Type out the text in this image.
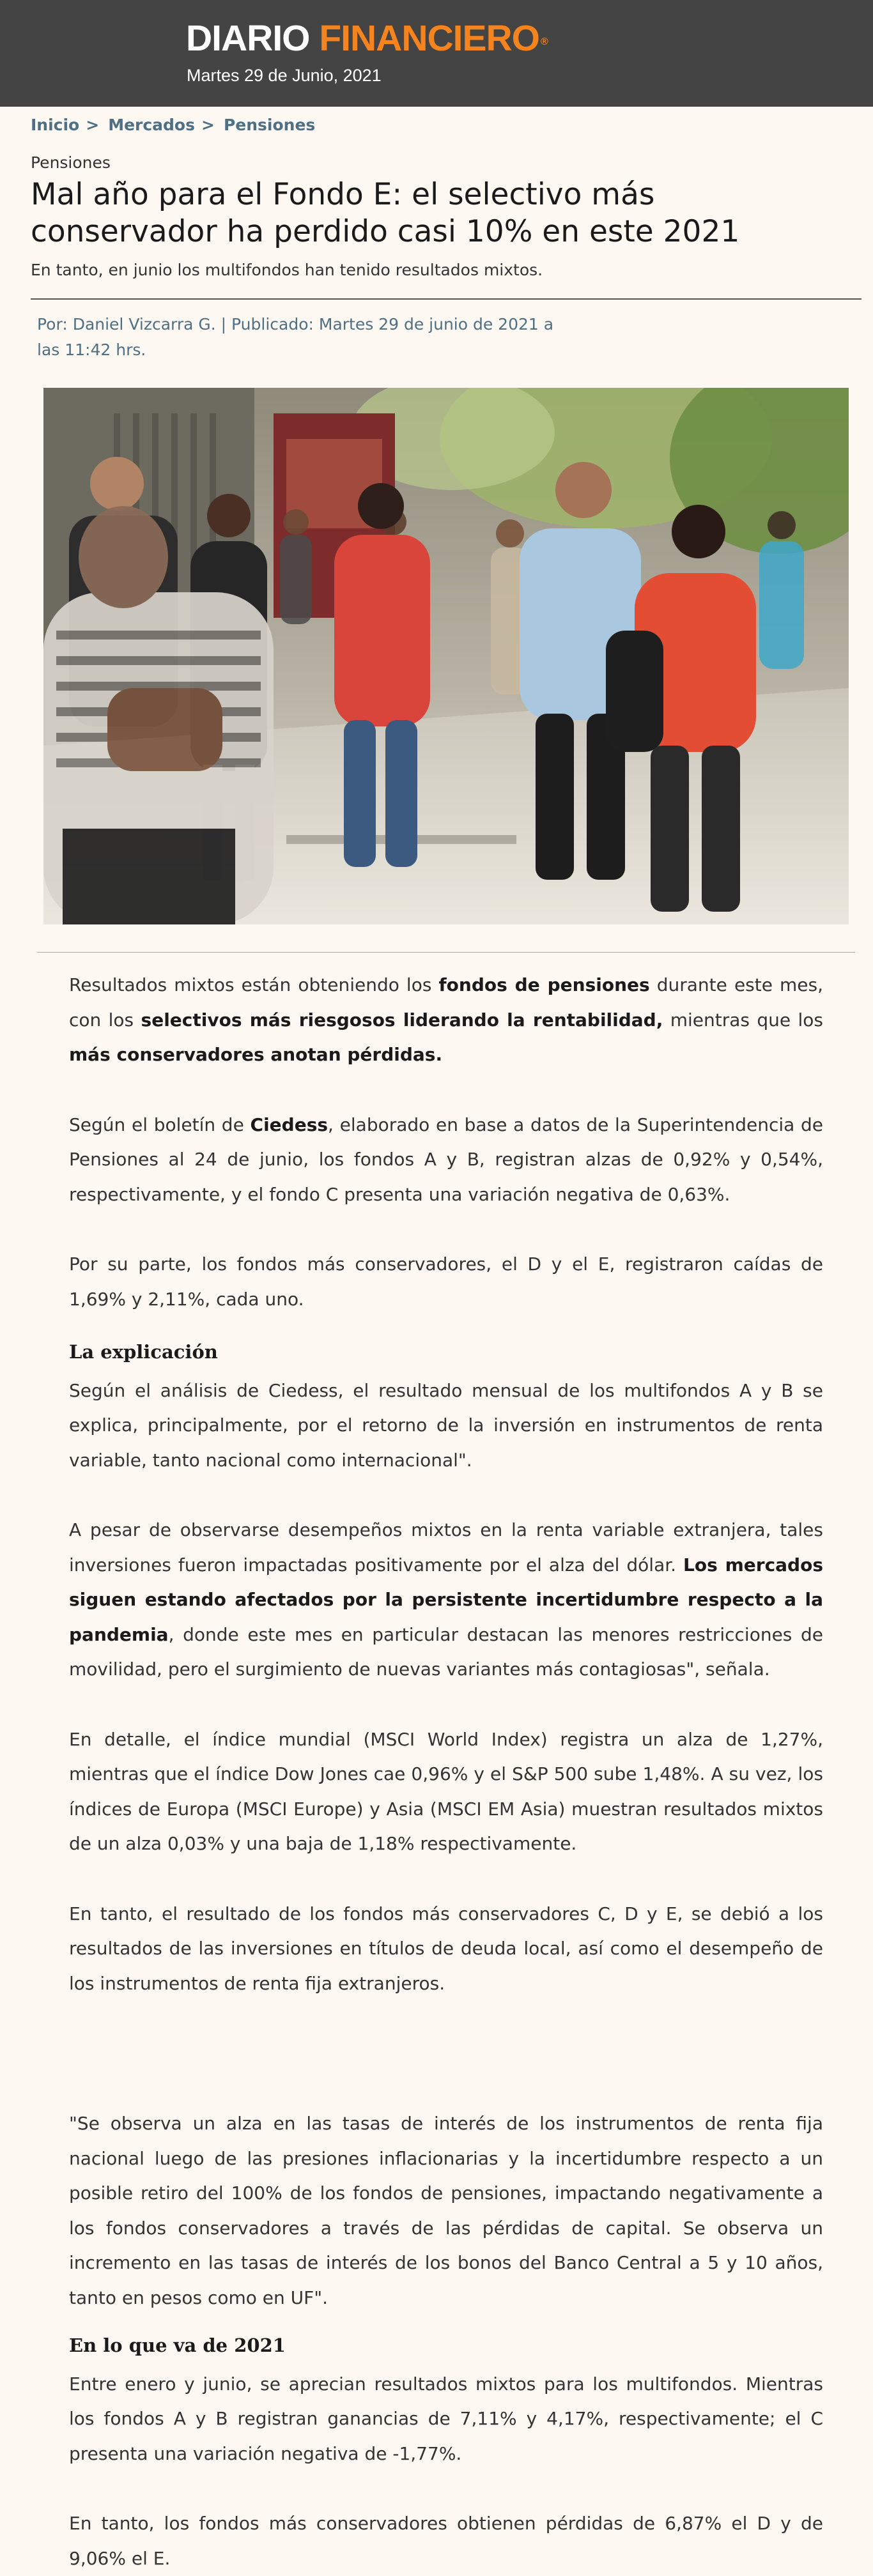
DIARIO FINANCIERO ®
Martes 29 de Junio, 2021
Inicio > Mercados > Pensiones
Pensiones
Mal año para el Fondo E: el selectivo más conservador ha perdido casi 10% en este 2021
En tanto, en junio los multifondos han tenido resultados mixtos.
Por: Daniel Vizcarra G. | Publicado: Martes 29 de junio de 2021 a las 11:42 hrs.

Resultados mixtos están obteniendo los fondos de pensiones durante este mes, con los selectivos más riesgosos liderando la rentabilidad, mientras que los más conservadores anotan pérdidas.

Según el boletín de Ciedess, elaborado en base a datos de la Superintendencia de Pensiones al 24 de junio, los fondos A y B, registran alzas de 0,92% y 0,54%, respectivamente, y el fondo C presenta una variación negativa de 0,63%.

Por su parte, los fondos más conservadores, el D y el E, registraron caídas de 1,69% y 2,11%, cada uno.

La explicación

Según el análisis de Ciedess, el resultado mensual de los multifondos A y B se explica, principalmente, por el retorno de la inversión en instrumentos de renta variable, tanto nacional como internacional".

A pesar de observarse desempeños mixtos en la renta variable extranjera, tales inversiones fueron impactadas positivamente por el alza del dólar. Los mercados siguen estando afectados por la persistente incertidumbre respecto a la pandemia, donde este mes en particular destacan las menores restricciones de movilidad, pero el surgimiento de nuevas variantes más contagiosas", señala.

En detalle, el índice mundial (MSCI World Index) registra un alza de 1,27%, mientras que el índice Dow Jones cae 0,96% y el S&P 500 sube 1,48%. A su vez, los índices de Europa (MSCI Europe) y Asia (MSCI EM Asia) muestran resultados mixtos de un alza 0,03% y una baja de 1,18% respectivamente.

En tanto, el resultado de los fondos más conservadores C, D y E, se debió a los resultados de las inversiones en títulos de deuda local, así como el desempeño de los instrumentos de renta fija extranjeros.

"Se observa un alza en las tasas de interés de los instrumentos de renta fija nacional luego de las presiones inflacionarias y la incertidumbre respecto a un posible retiro del 100% de los fondos de pensiones, impactando negativamente a los fondos conservadores a través de las pérdidas de capital. Se observa un incremento en las tasas de interés de los bonos del Banco Central a 5 y 10 años, tanto en pesos como en UF".

En lo que va de 2021

Entre enero y junio, se aprecian resultados mixtos para los multifondos. Mientras los fondos A y B registran ganancias de 7,11% y 4,17%, respectivamente; el C presenta una variación negativa de -1,77%.

En tanto, los fondos más conservadores obtienen pérdidas de 6,87% el D y de 9,06% el E.
